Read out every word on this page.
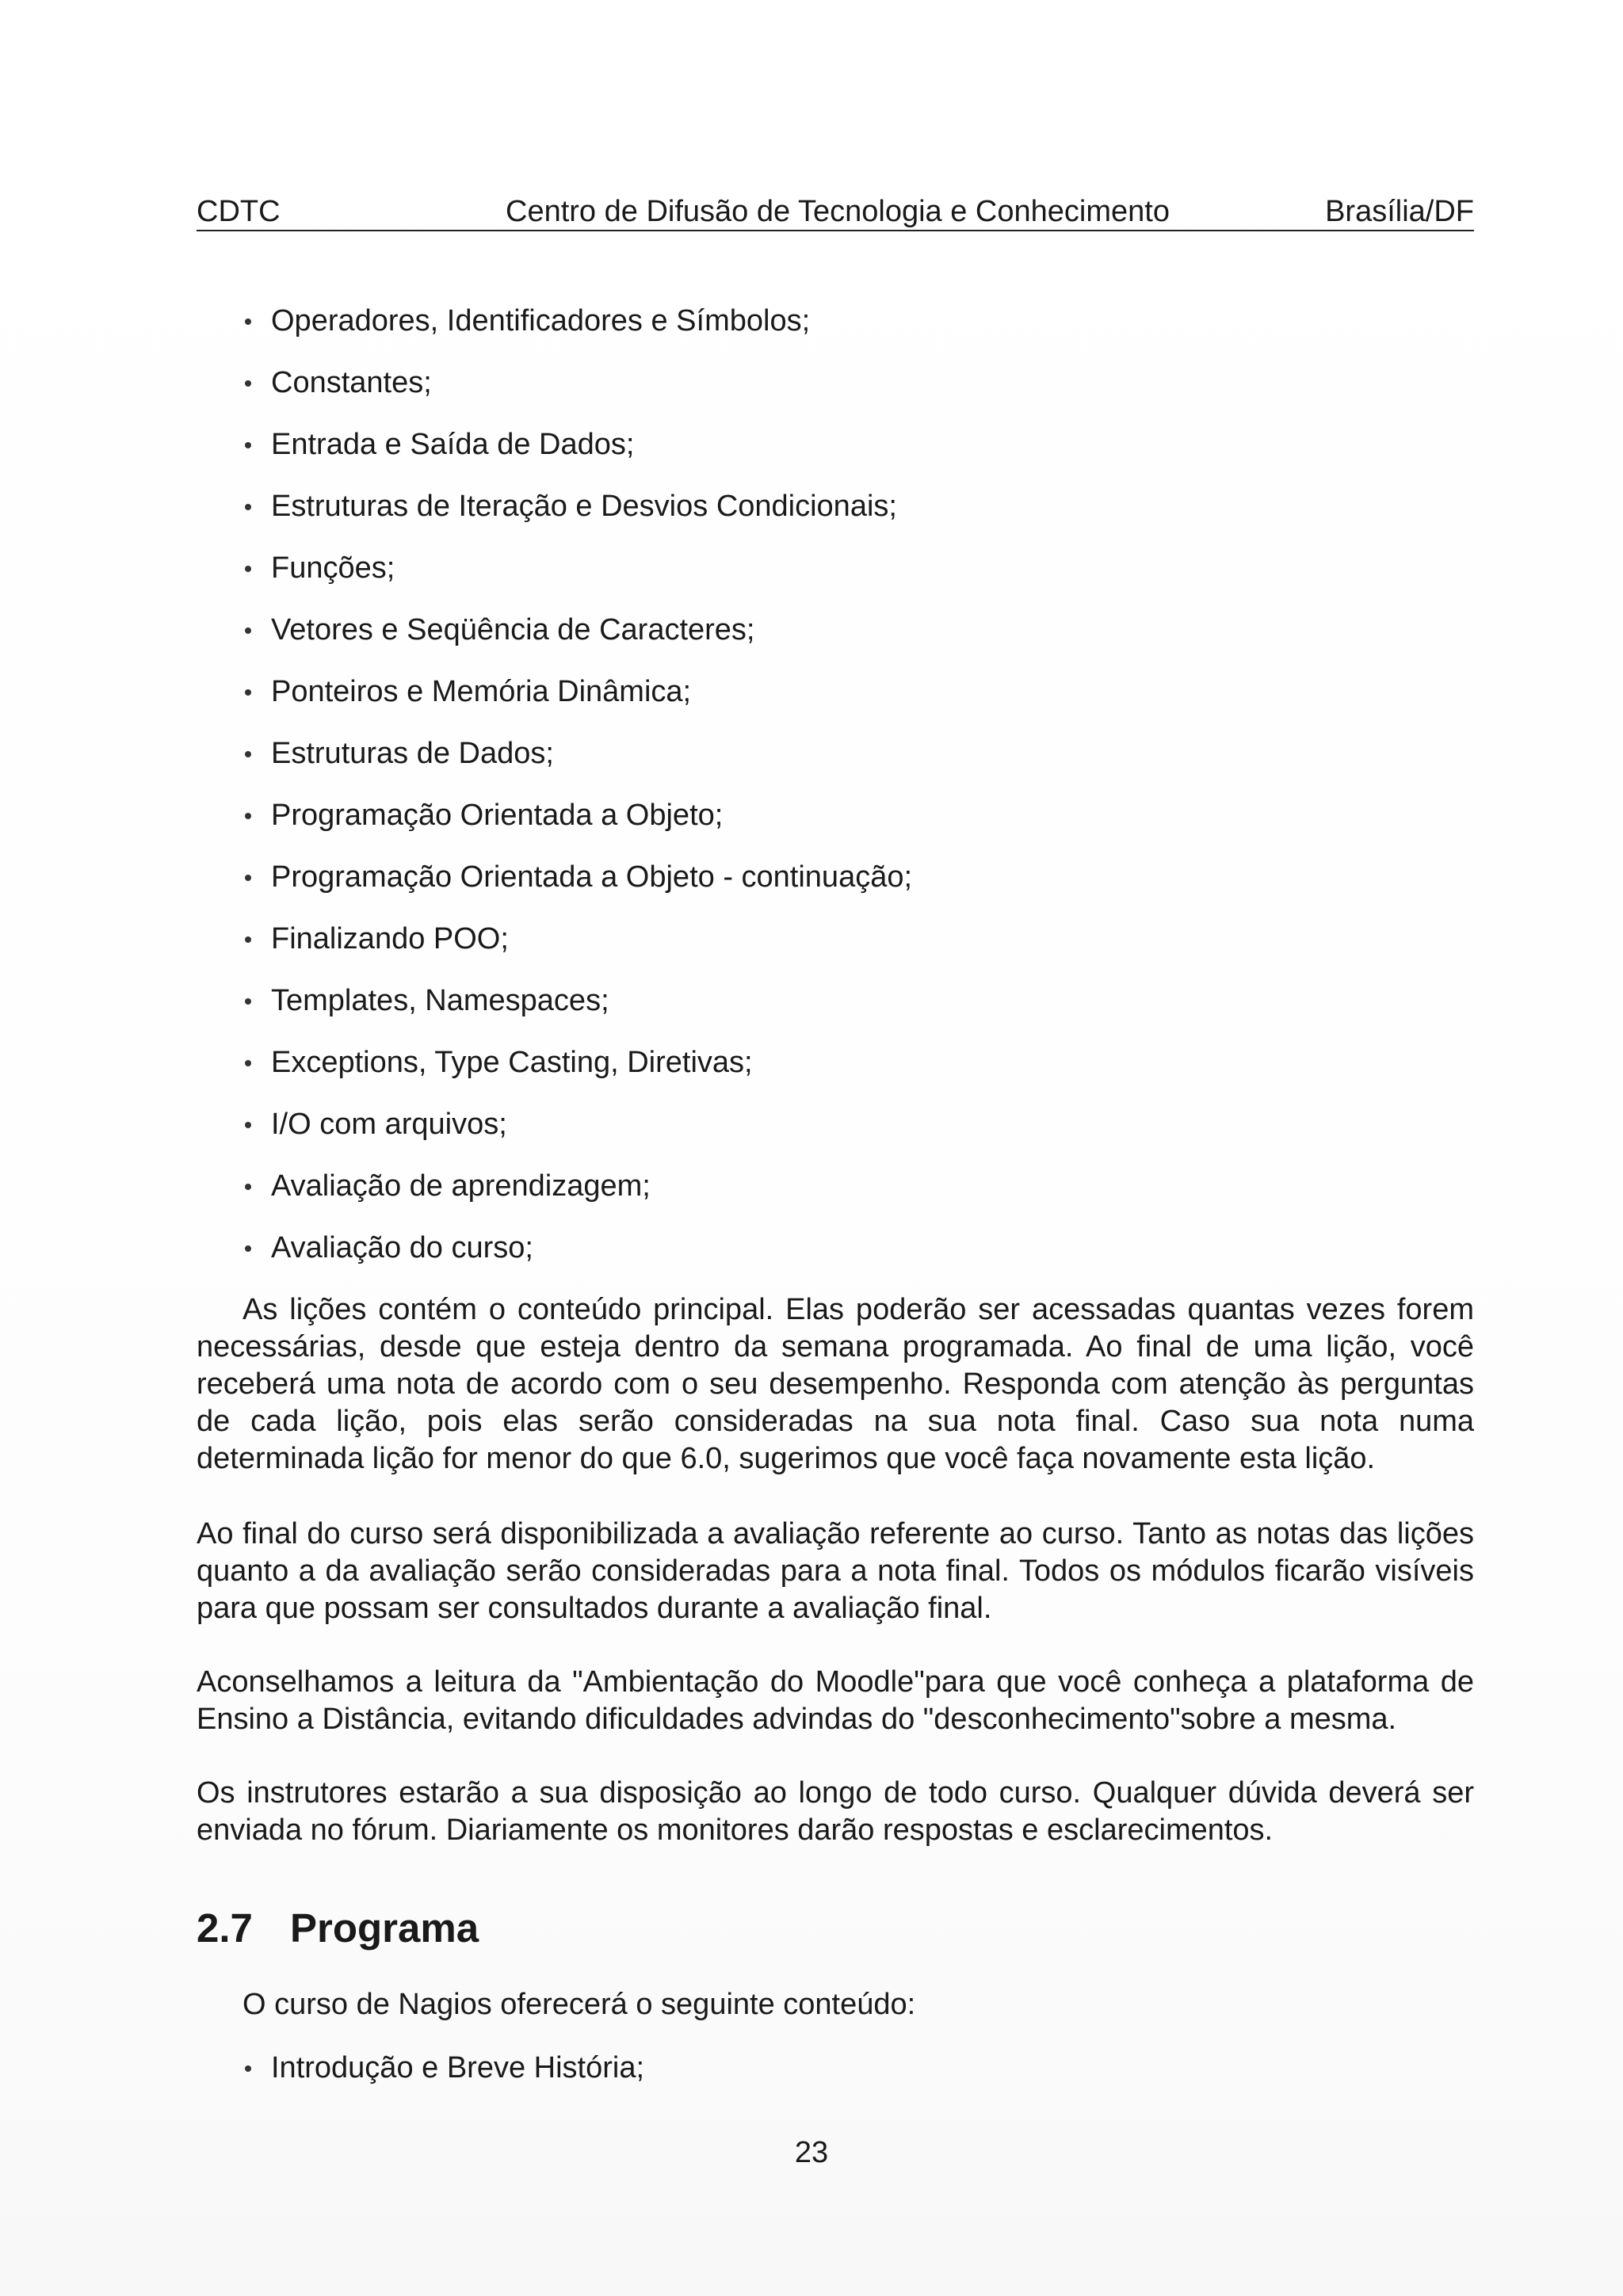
CDTC	Centro de Difusão de Tecnologia e Conhecimento	Brasília/DF
Operadores, Identificadores e Símbolos;
Constantes;
Entrada e Saída de Dados;
Estruturas de Iteração e Desvios Condicionais;
Funções;
Vetores e Seqüência de Caracteres;
Ponteiros e Memória Dinâmica;
Estruturas de Dados;
Programação Orientada a Objeto;
Programação Orientada a Objeto - continuação;
Finalizando POO;
Templates, Namespaces;
Exceptions, Type Casting, Diretivas;
I/O com arquivos;
Avaliação de aprendizagem;
Avaliação do curso;

As lições contém o conteúdo principal. Elas poderão ser acessadas quantas vezes forem necessárias, desde que esteja dentro da semana programada. Ao final de uma lição, você receberá uma nota de acordo com o seu desempenho. Responda com atenção às perguntas de cada lição, pois elas serão consideradas na sua nota final. Caso sua nota numa determinada lição for menor do que 6.0, sugerimos que você faça novamente esta lição.

Ao final do curso será disponibilizada a avaliação referente ao curso. Tanto as notas das lições quanto a da avaliação serão consideradas para a nota final. Todos os módulos ficarão visíveis para que possam ser consultados durante a avaliação final.

Aconselhamos a leitura da "Ambientação do Moodle"para que você conheça a plataforma de Ensino a Distância, evitando dificuldades advindas do "desconhecimento"sobre a mesma.

Os instrutores estarão a sua disposição ao longo de todo curso. Qualquer dúvida deverá ser enviada no fórum. Diariamente os monitores darão respostas e esclarecimentos.

2.7 Programa

O curso de Nagios oferecerá o seguinte conteúdo:

Introdução e Breve História;
23
